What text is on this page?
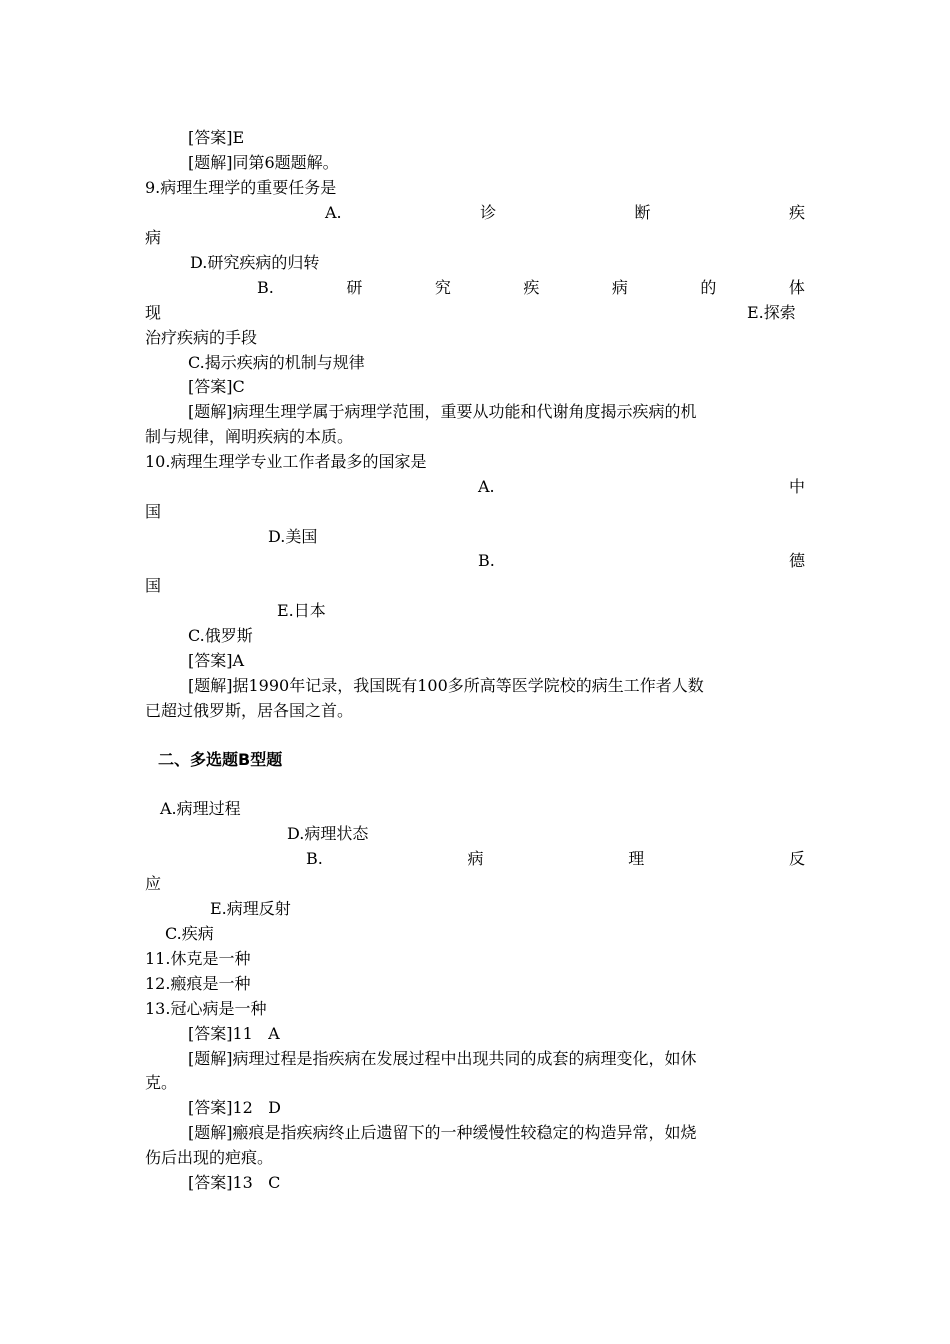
[答案]E
[题解]同第6题题解。
9.病理生理学的重要任务是
A.	诊	断	疾
病
D.研究疾病的归转
B.	研	究	疾	病	的	体
现	E.探索
治疗疾病的手段
C.揭示疾病的机制与规律
[答案]C
[题解]病理生理学属于病理学范围，重要从功能和代谢角度揭示疾病的机
制与规律，阐明疾病的本质。
10.病理生理学专业工作者最多的国家是
A.	中
国
D.美国
B.	德
国
E.日本
C.俄罗斯
[答案]A
[题解]据1990年记录，我国既有100多所高等医学院校的病生工作者人数
已超过俄罗斯，居各国之首。
二、多选题B型题
A.病理过程
D.病理状态
B.	病	理	反
应
E.病理反射
C.疾病
11.休克是一种
12.瘢痕是一种
13.冠心病是一种
[答案]11   A
[题解]病理过程是指疾病在发展过程中出现共同的成套的病理变化，如休
克。
[答案]12   D
[题解]瘢痕是指疾病终止后遗留下的一种缓慢性较稳定的构造异常，如烧
伤后出现的疤痕。
[答案]13   C
